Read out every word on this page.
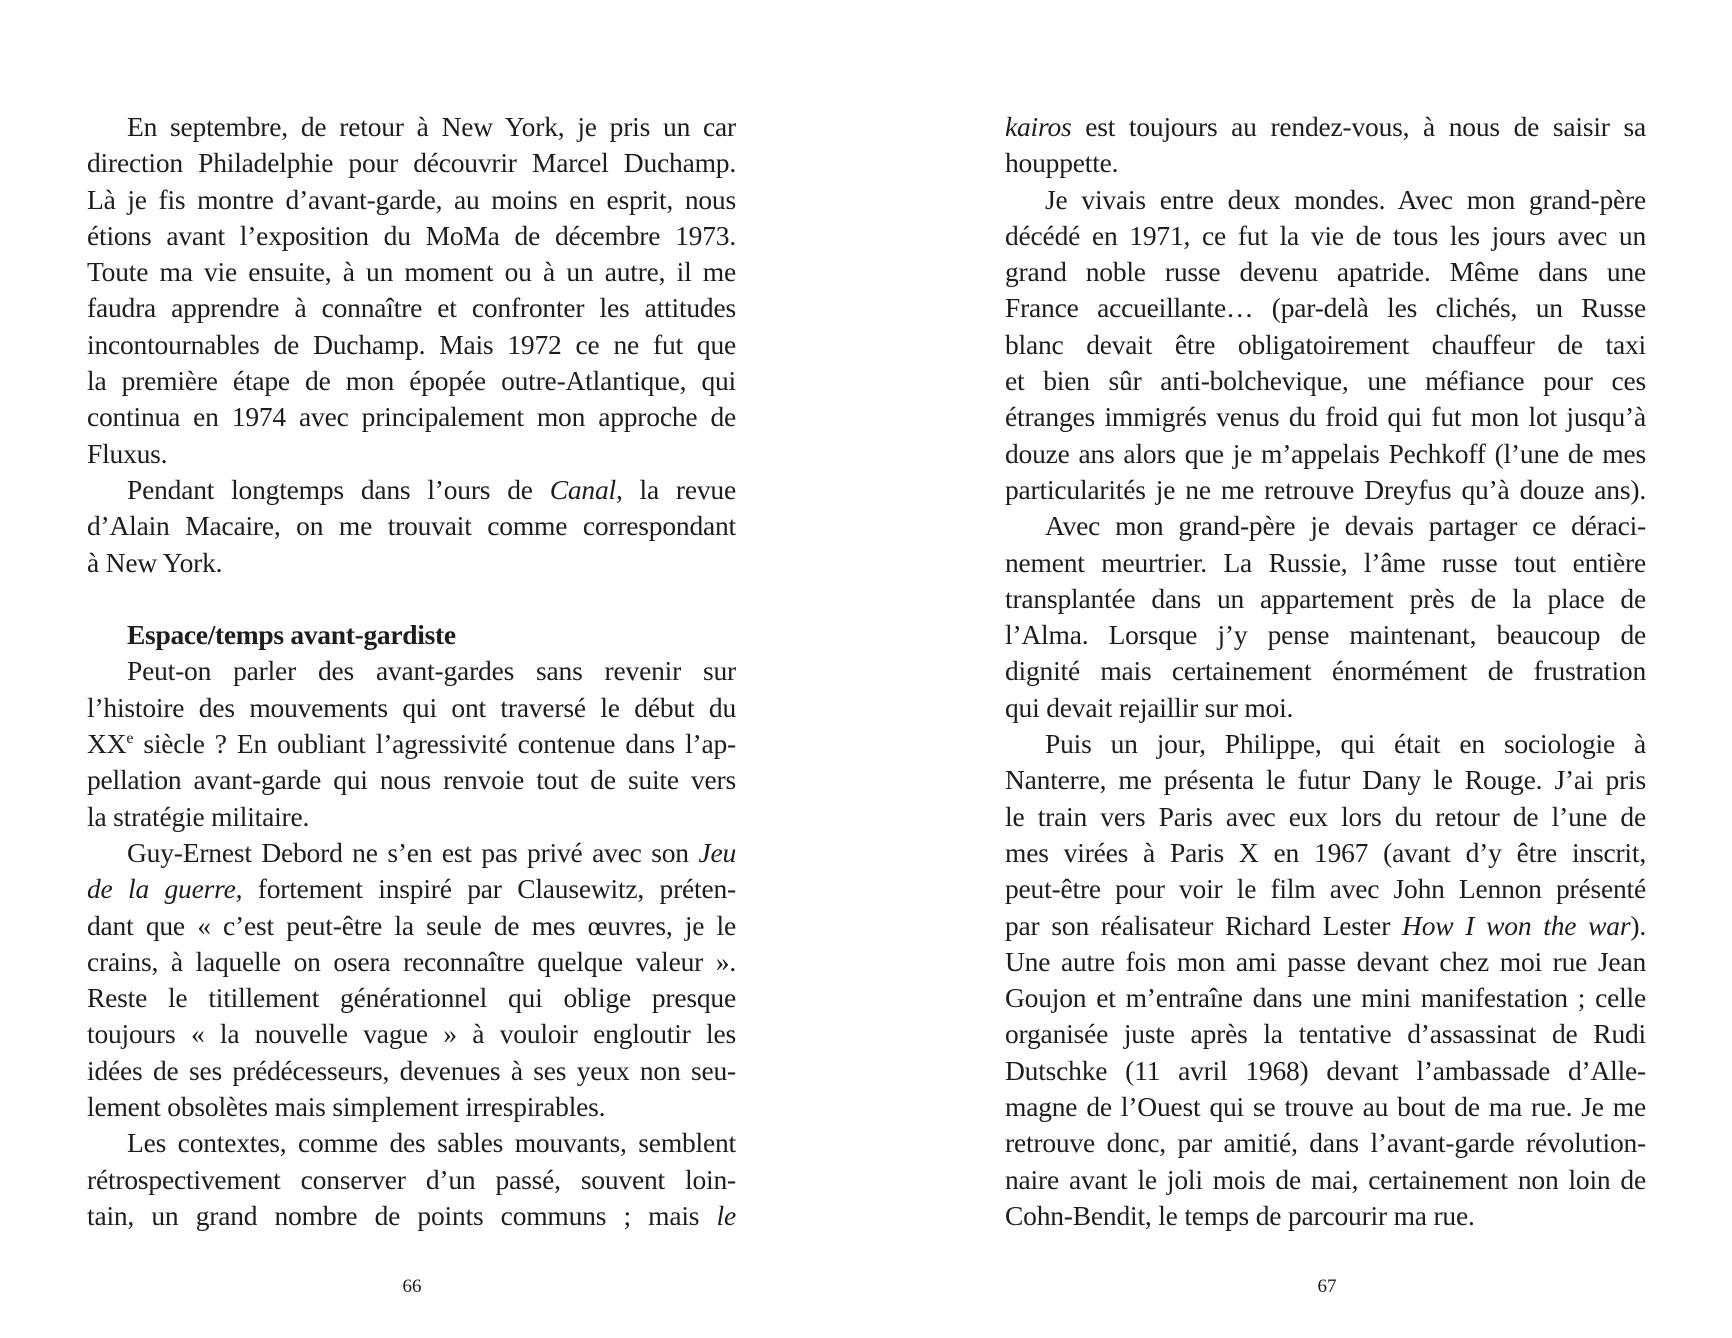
En septembre, de retour à New York, je pris un car
direction Philadelphie pour découvrir Marcel Duchamp.
Là je fis montre d’avant-garde, au moins en esprit, nous
étions avant l’exposition du MoMa de décembre 1973.
Toute ma vie ensuite, à un moment ou à un autre, il me
faudra apprendre à connaître et confronter les attitudes
incontournables de Duchamp. Mais 1972 ce ne fut que
la première étape de mon épopée outre-Atlantique, qui
continua en 1974 avec principalement mon approche de
Fluxus.
Pendant longtemps dans l’ours de Canal, la revue
d’Alain Macaire, on me trouvait comme correspondant
à New York.
Espace/temps avant-gardiste
Peut-on parler des avant-gardes sans revenir sur
l’histoire des mouvements qui ont traversé le début du
XXe siècle ? En oubliant l’agressivité contenue dans l’ap-
pellation avant-garde qui nous renvoie tout de suite vers
la stratégie militaire.
Guy-Ernest Debord ne s’en est pas privé avec son Jeu
de la guerre, fortement inspiré par Clausewitz, préten-
dant que « c’est peut-être la seule de mes œuvres, je le
crains, à laquelle on osera reconnaître quelque valeur ».
Reste le titillement générationnel qui oblige presque
toujours « la nouvelle vague » à vouloir engloutir les
idées de ses prédécesseurs, devenues à ses yeux non seu-
lement obsolètes mais simplement irrespirables.
Les contextes, comme des sables mouvants, semblent
rétrospectivement conserver d’un passé, souvent loin-
tain, un grand nombre de points communs ; mais le
66
kairos est toujours au rendez-vous, à nous de saisir sa
houppette.
Je vivais entre deux mondes. Avec mon grand-père
décédé en 1971, ce fut la vie de tous les jours avec un
grand noble russe devenu apatride. Même dans une
France accueillante… (par-delà les clichés, un Russe
blanc devait être obligatoirement chauffeur de taxi
et bien sûr anti-bolchevique, une méfiance pour ces
étranges immigrés venus du froid qui fut mon lot jusqu’à
douze ans alors que je m’appelais Pechkoff (l’une de mes
particularités je ne me retrouve Dreyfus qu’à douze ans).
Avec mon grand-père je devais partager ce déraci-
nement meurtrier. La Russie, l’âme russe tout entière
transplantée dans un appartement près de la place de
l’Alma. Lorsque j’y pense maintenant, beaucoup de
dignité mais certainement énormément de frustration
qui devait rejaillir sur moi.
Puis un jour, Philippe, qui était en sociologie à
Nanterre, me présenta le futur Dany le Rouge. J’ai pris
le train vers Paris avec eux lors du retour de l’une de
mes virées à Paris X en 1967 (avant d’y être inscrit,
peut-être pour voir le film avec John Lennon présenté
par son réalisateur Richard Lester How I won the war).
Une autre fois mon ami passe devant chez moi rue Jean
Goujon et m’entraîne dans une mini manifestation ; celle
organisée juste après la tentative d’assassinat de Rudi
Dutschke (11 avril 1968) devant l’ambassade d’Alle-
magne de l’Ouest qui se trouve au bout de ma rue. Je me
retrouve donc, par amitié, dans l’avant-garde révolution-
naire avant le joli mois de mai, certainement non loin de
Cohn-Bendit, le temps de parcourir ma rue.
67
